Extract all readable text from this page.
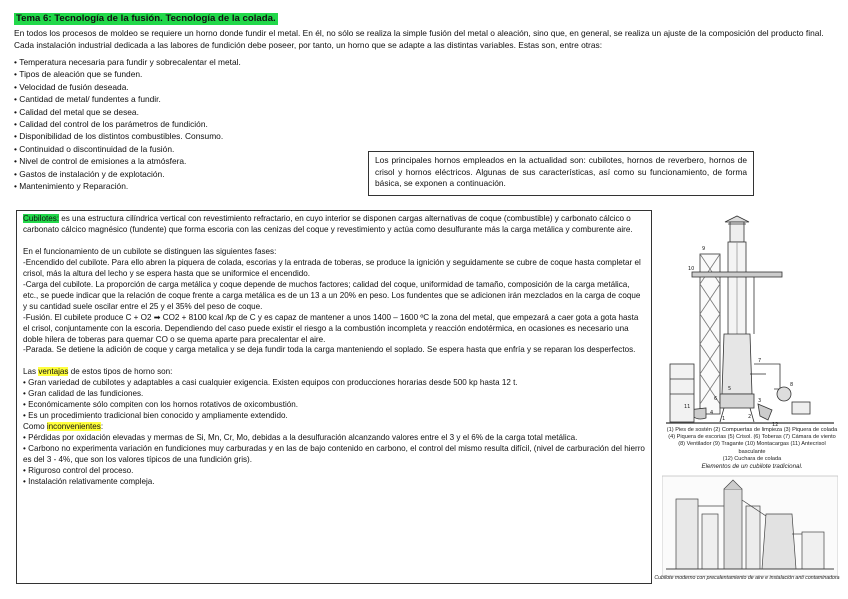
Tema 6: Tecnología de la fusión. Tecnología de la colada.

En todos los procesos de moldeo se requiere un horno donde fundir el metal. En él, no sólo se realiza la simple fusión del metal o aleación, sino que, en general, se realiza un ajuste de la composición del producto final. Cada instalación industrial dedicada a las labores de fundición debe poseer, por tanto, un horno que se adapte a las distintas variables. Estas son, entre otras:

• Temperatura necesaria para fundir y sobrecalentar el metal.
• Tipos de aleación que se funden.
• Velocidad de fusión deseada.
• Cantidad de metal/ fundentes a fundir.
• Calidad del metal que se desea.
• Calidad del control de los parámetros de fundición.
• Disponibilidad de los distintos combustibles. Consumo.
• Continuidad o discontinuidad de la fusión.
• Nivel de control de emisiones a la atmósfera.
• Gastos de instalación y de explotación.
• Mantenimiento y Reparación.
Los principales hornos empleados en la actualidad son: cubilotes, hornos de reverbero, hornos de crisol y hornos eléctricos. Algunas de sus características, así como su funcionamiento, de forma básica, se exponen a continuación.

Cubilotes: es una estructura cilíndrica vertical con revestimiento refractario, en cuyo interior se disponen cargas alternativas de coque (combustible) y carbonato cálcico o carbonato cálcico magnésico (fundente) que forma escoria con las cenizas del coque y revestimiento y actúa como desulfurante más la carga metálica y comburente aire.

En el funcionamiento de un cubilote se distinguen las siguientes fases:

-Encendido del cubilote. Para ello abren la piquera de colada, escorias y la entrada de toberas, se produce la ignición y seguidamente se cubre de coque hasta completar el crisol, más la altura del lecho y se espera hasta que se uniformice el encendido.

-Carga del cubilote. La proporción de carga metálica y coque depende de muchos factores; calidad del coque, uniformidad de tamaño, composición de la carga metálica, etc., se puede indicar que la relación de coque frente a carga metálica es de un 13 a un 20% en peso. Los fundentes que se adicionen irán mezclados en la carga de coque y su cantidad suele oscilar entre el 25 y el 35% del peso de coque.

-Fusión. El cubilete produce C + O2 ➡ CO2 + 8100 kcal /kp de C y es capaz de mantener a unos 1400 – 1600 ºC la zona del metal, que empezará a caer gota a gota hasta el crisol, conjuntamente con la escoria. Dependiendo del caso puede existir el riesgo a la combustión incompleta y reacción endotérmica, en ocasiones es necesario una doble hilera de toberas para quemar CO o se quema aparte para precalentar el aire.

-Parada. Se detiene la adición de coque y carga metalica y se deja fundir toda la carga manteniendo el soplado. Se espera hasta que enfría y se reparan los desperfectos.

Las ventajas de estos tipos de horno son:

• Gran variedad de cubilotes y adaptables a casi cualquier exigencia. Existen equipos con producciones horarias desde 500 kp hasta 12 t.
• Gran calidad de las fundiciones.
• Económicamente sólo compiten con los hornos rotativos de oxicombustión.
• Es un procedimiento tradicional bien conocido y ampliamente extendido.

Como inconvenientes:

• Pérdidas por oxidación elevadas y mermas de Si, Mn, Cr, Mo, debidas a la desulfuración alcanzando valores entre el 3 y el 6% de la carga total metálica.
• Carbono no experimenta variación en fundiciones muy carburadas y en las de bajo contenido en carbono, el control del mismo resulta difícil, (nivel de carburación del hierro es del 3 - 4%, que son los valores típicos de una fundición gris).
• Riguroso control del proceso.
• Instalación relativamente compleja.
9
10
7
8
6	3
11
12
1
5
4
2
(1) Pies de sostén (2) Compuertas de limpieza (3) Piquera de colada
(4) Piquera de escorias (5) Crisol. (6) Toberas (7) Cámara de viento
(8) Ventilador (9) Tragante (10) Montacargas (11) Antecrisol basculante
(12) Cuchara de colada
Elementos de un cubilote tradicional.
Cubilote moderno con precalentamiento de aire e instalación anti contaminadora
